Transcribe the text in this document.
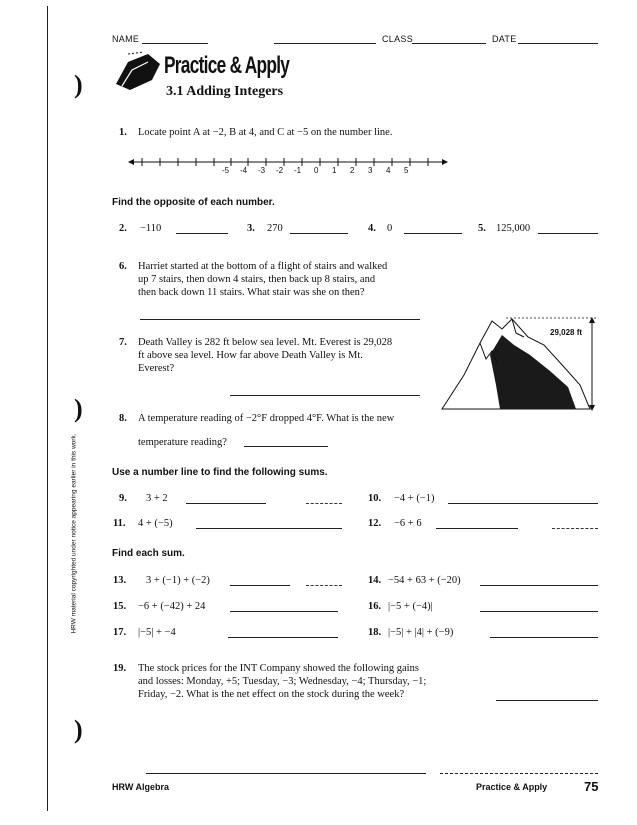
)
)
)
HRW material copyrighted under notice appearing earlier in this work.
NAME	CLASS	DATE
Practice & Apply
3.1 Adding Integers
1. Locate point A at −2, B at 4, and C at −5 on the number line.
-5 -4 -3 -2 -1 0 1 2 3 4 5
Find the opposite of each number.
2. −110	3. 270	4. 0	5. 125,000
6. Harriet started at the bottom of a flight of stairs and walked
up 7 stairs, then down 4 stairs, then back up 8 stairs, and
then back down 11 stairs. What stair was she on then?
7. Death Valley is 282 ft below sea level. Mt. Everest is 29,028
ft above sea level. How far above Death Valley is Mt.
Everest?
29,028 ft
8. A temperature reading of −2°F dropped 4°F. What is the new
temperature reading?
Use a number line to find the following sums.
9. 3 + 2	10. −4 + (−1)
11. 4 + (−5)	12. −6 + 6
Find each sum.
13. 3 + (−1) + (−2)	14. −54 + 63 + (−20)
15. −6 + (−42) + 24	16. |−5 + (−4)|
17. |−5| + −4	18. |−5| + |4| + (−9)
19. The stock prices for the INT Company showed the following gains
and losses: Monday, +5; Tuesday, −3; Wednesday, −4; Thursday, −1;
Friday, −2. What is the net effect on the stock during the week?
HRW Algebra	Practice & Apply	75
